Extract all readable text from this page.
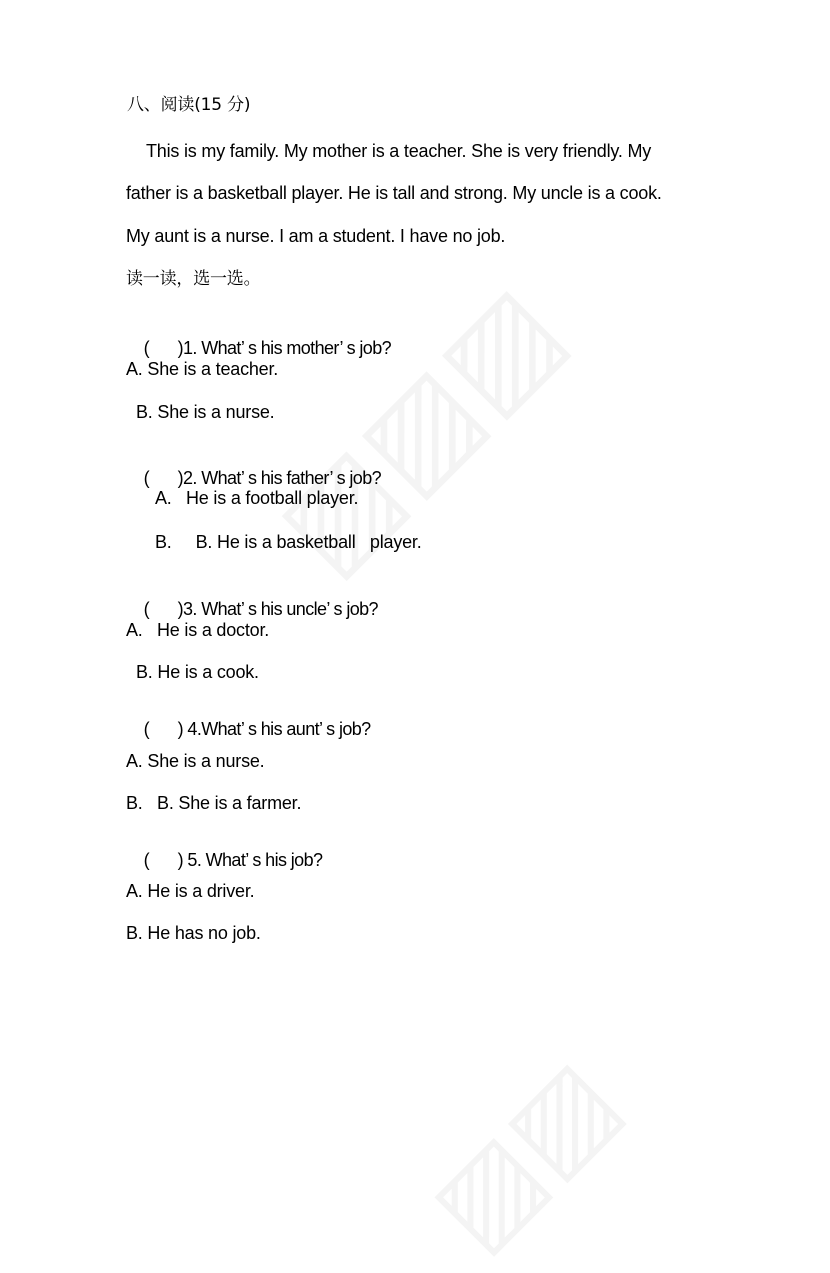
八、阅读(15 分)
This is my family. My mother is a teacher. She is very friendly. My
father is a basketball player. He is tall and strong. My uncle is a cook.
My aunt is a nurse. I am a student. I have no job.
读一读，选一选。

( )1. What’ s his mother’ s job?

A. She is a teacher.
B. She is a nurse.

( )2. What’ s his father’ s job?

A.   He is a football player.
B.     B. He is a basketball   player.

( )3. What’ s his uncle’ s job?

A.   He is a doctor.
B. He is a cook.

( ) 4.What’ s his aunt’ s job?

A. She is a nurse.
B.   B. She is a farmer.

( ) 5. What’ s his job?

A. He is a driver.
B. He has no job.
